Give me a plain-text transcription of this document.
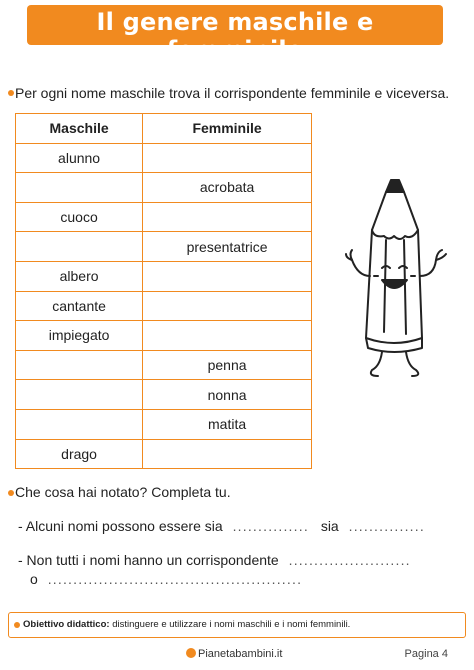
Il genere maschile e femminile
Per ogni nome maschile trova il corrispondente femminile e viceversa.
Maschile	Femminile
alunno	
	acrobata
cuoco	
	presentatrice
albero	
cantante	
impiegato	
	penna
	nonna
	matita
drago	
Che cosa hai notato? Completa tu.
- Alcuni nomi possono essere sia ............... sia ...............
- Non tutti i nomi hanno un corrispondente ........................
o ..................................................
Obiettivo didattico: distinguere e utilizzare i nomi maschili e i nomi femminili.
Pianetabambini.it	Pagina 4
